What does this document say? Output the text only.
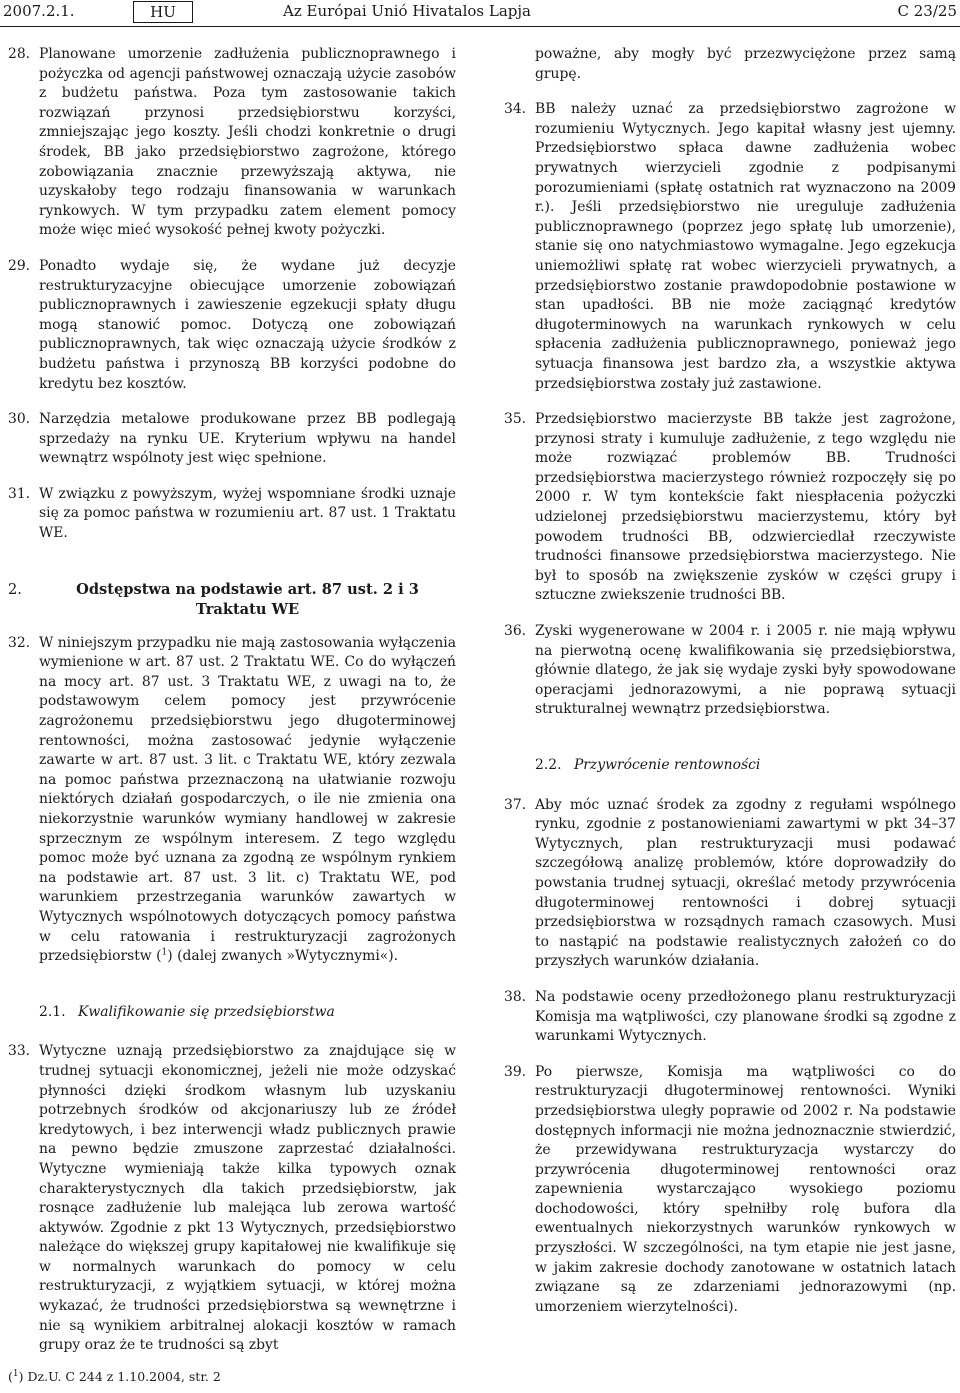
2007.2.1.	HU	Az Európai Unió Hivatalos Lapja	C 23/25
28. Planowane umorzenie zadłużenia publicznoprawnego i pożyczka od agencji państwowej oznaczają użycie zasobów z budżetu państwa. Poza tym zastosowanie takich rozwiązań przynosi przedsiębiorstwu korzyści, zmniejszając jego koszty. Jeśli chodzi konkretnie o drugi środek, BB jako przedsiębiorstwo zagrożone, którego zobowiązania znacznie przewyższają aktywa, nie uzyskałoby tego rodzaju finansowania w warunkach rynkowych. W tym przypadku zatem element pomocy może więc mieć wysokość pełnej kwoty pożyczki.
29. Ponadto wydaje się, że wydane już decyzje restrukturyzacyjne obiecujące umorzenie zobowiązań publicznoprawnych i zawieszenie egzekucji spłaty długu mogą stanowić pomoc. Dotyczą one zobowiązań publicznoprawnych, tak więc oznaczają użycie środków z budżetu państwa i przynoszą BB korzyści podobne do kredytu bez kosztów.
30. Narzędzia metalowe produkowane przez BB podlegają sprzedaży na rynku UE. Kryterium wpływu na handel wewnątrz wspólnoty jest więc spełnione.
31. W związku z powyższym, wyżej wspomniane środki uznaje się za pomoc państwa w rozumieniu art. 87 ust. 1 Traktatu WE.
2.	Odstępstwa na podstawie art. 87 ust. 2 i 3 Traktatu WE
32. W niniejszym przypadku nie mają zastosowania wyłączenia wymienione w art. 87 ust. 2 Traktatu WE. Co do wyłączeń na mocy art. 87 ust. 3 Traktatu WE, z uwagi na to, że podstawowym celem pomocy jest przywrócenie zagrożonemu przedsiębiorstwu jego długoterminowej rentowności, można zastosować jedynie wyłączenie zawarte w art. 87 ust. 3 lit. c Traktatu WE, który zezwala na pomoc państwa przeznaczoną na ułatwianie rozwoju niektórych działań gospodarczych, o ile nie zmienia ona niekorzystnie warunków wymiany handlowej w zakresie sprzecznym ze wspólnym interesem. Z tego względu pomoc może być uznana za zgodną ze wspólnym rynkiem na podstawie art. 87 ust. 3 lit. c) Traktatu WE, pod warunkiem przestrzegania warunków zawartych w Wytycznych wspólnotowych dotyczących pomocy państwa w celu ratowania i restrukturyzacji zagrożonych przedsiębiorstw ($^1$) (dalej zwanych »Wytycznymi«).
2.1. Kwalifikowanie się przedsiębiorstwa
33. Wytyczne uznają przedsiębiorstwo za znajdujące się w trudnej sytuacji ekonomicznej, jeżeli nie może odzyskać płynności dzięki środkom własnym lub uzyskaniu potrzebnych środków od akcjonariuszy lub ze źródeł kredytowych, i bez interwencji władz publicznych prawie na pewno będzie zmuszone zaprzestać działalności. Wytyczne wymieniają także kilka typowych oznak charakterystycznych dla takich przedsiębiorstw, jak rosnące zadłużenie lub malejąca lub zerowa wartość aktywów. Zgodnie z pkt 13 Wytycznych, przedsiębiorstwo należące do większej grupy kapitałowej nie kwalifikuje się w normalnych warunkach do pomocy w celu restrukturyzacji, z wyjątkiem sytuacji, w której można wykazać, że trudności przedsiębiorstwa są wewnętrzne i nie są wynikiem arbitralnej alokacji kosztów w ramach grupy oraz że te trudności są zbyt
poważne, aby mogły być przezwyciężone przez samą grupę.
34. BB należy uznać za przedsiębiorstwo zagrożone w rozumieniu Wytycznych. Jego kapitał własny jest ujemny. Przedsiębiorstwo spłaca dawne zadłużenia wobec prywatnych wierzycieli zgodnie z podpisanymi porozumieniami (spłatę ostatnich rat wyznaczono na 2009 r.). Jeśli przedsiębiorstwo nie ureguluje zadłużenia publicznoprawnego (poprzez jego spłatę lub umorzenie), stanie się ono natychmiastowo wymagalne. Jego egzekucja uniemożliwi spłatę rat wobec wierzycieli prywatnych, a przedsiębiorstwo zostanie prawdopodobnie postawione w stan upadłości. BB nie może zaciągnąć kredytów długoterminowych na warunkach rynkowych w celu spłacenia zadłużenia publicznoprawnego, ponieważ jego sytuacja finansowa jest bardzo zła, a wszystkie aktywa przedsiębiorstwa zostały już zastawione.
35. Przedsiębiorstwo macierzyste BB także jest zagrożone, przynosi straty i kumuluje zadłużenie, z tego względu nie może rozwiązać problemów BB. Trudności przedsiębiorstwa macierzystego również rozpoczęły się po 2000 r. W tym kontekście fakt niespłacenia pożyczki udzielonej przedsiębiorstwu macierzystemu, który był powodem trudności BB, odzwierciedlał rzeczywiste trudności finansowe przedsiębiorstwa macierzystego. Nie był to sposób na zwiększenie zysków w części grupy i sztuczne zwiekszenie trudności BB.
36. Zyski wygenerowane w 2004 r. i 2005 r. nie mają wpływu na pierwotną ocenę kwalifikowania się przedsiębiorstwa, głównie dlatego, że jak się wydaje zyski były spowodowane operacjami jednorazowymi, a nie poprawą sytuacji strukturalnej wewnątrz przedsiębiorstwa.
2.2. Przywrócenie rentowności
37. Aby móc uznać środek za zgodny z regułami wspólnego rynku, zgodnie z postanowieniami zawartymi w pkt 34–37 Wytycznych, plan restrukturyzacji musi podawać szczegółową analizę problemów, które doprowadziły do powstania trudnej sytuacji, określać metody przywrócenia długoterminowej rentowności i dobrej sytuacji przedsiębiorstwa w rozsądnych ramach czasowych. Musi to nastąpić na podstawie realistycznych założeń co do przyszłych warunków działania.
38. Na podstawie oceny przedłożonego planu restrukturyzacji Komisja ma wątpliwości, czy planowane środki są zgodne z warunkami Wytycznych.
39. Po pierwsze, Komisja ma wątpliwości co do restrukturyzacji długoterminowej rentowności. Wyniki przedsiębiorstwa uległy poprawie od 2002 r. Na podstawie dostępnych informacji nie można jednoznacznie stwierdzić, że przewidywana restrukturyzacja wystarczy do przywrócenia długoterminowej rentowności oraz zapewnienia wystarczająco wysokiego poziomu dochodowości, który spełniłby rolę bufora dla ewentualnych niekorzystnych warunków rynkowych w przyszłości. W szczególności, na tym etapie nie jest jasne, w jakim zakresie dochody zanotowane w ostatnich latach związane są ze zdarzeniami jednorazowymi (np. umorzeniem wierzytelności).
($^1$) Dz.U. C 244 z 1.10.2004, str. 2
